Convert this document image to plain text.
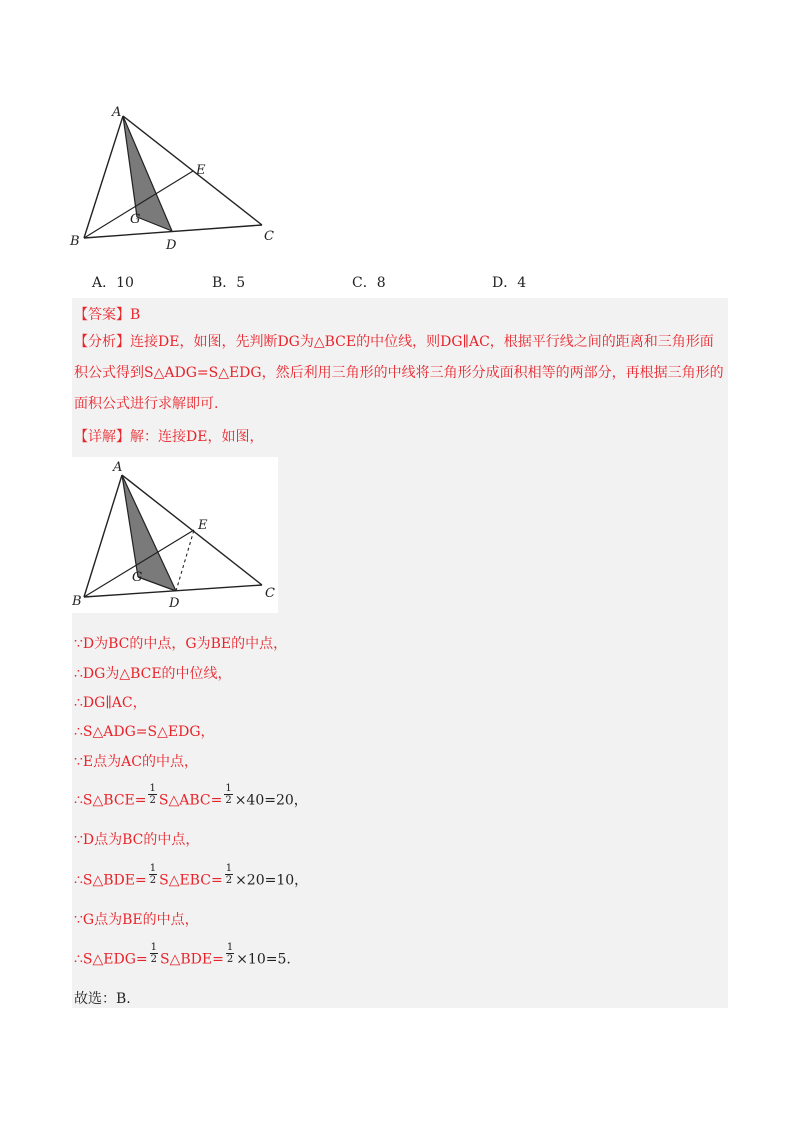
A
B	C
D
E
G
A．10	B．5	C．8	D．4
【答案】B
【分析】连接DE，如图，先判断DG为△BCE的中位线，则DG∥AC，根据平行线之间的距离和三角形面积公式得到S△ADG=S△EDG，然后利用三角形的中线将三角形分成面积相等的两部分，再根据三角形的面积公式进行求解即可.
【详解】解：连接DE，如图，
A
B
C
D
E
G
∵D为BC的中点，G为BE的中点，
∴DG为△BCE的中位线，
∴DG∥AC，
∴S△ADG=S△EDG，
∵E点为AC的中点，
∴S△BCE= $\frac{1}{2}$ S△ABC= $\frac{1}{2} \times 40=20$，
∵D点为BC的中点，
∴S△BDE= $\frac{1}{2}$ S△EBC= $\frac{1}{2} \times 20=10$，
∵G点为BE的中点，
∴S△EDG= $\frac{1}{2}$ S△BDE= $\frac{1}{2} \times 10=5$.
故选：B.
